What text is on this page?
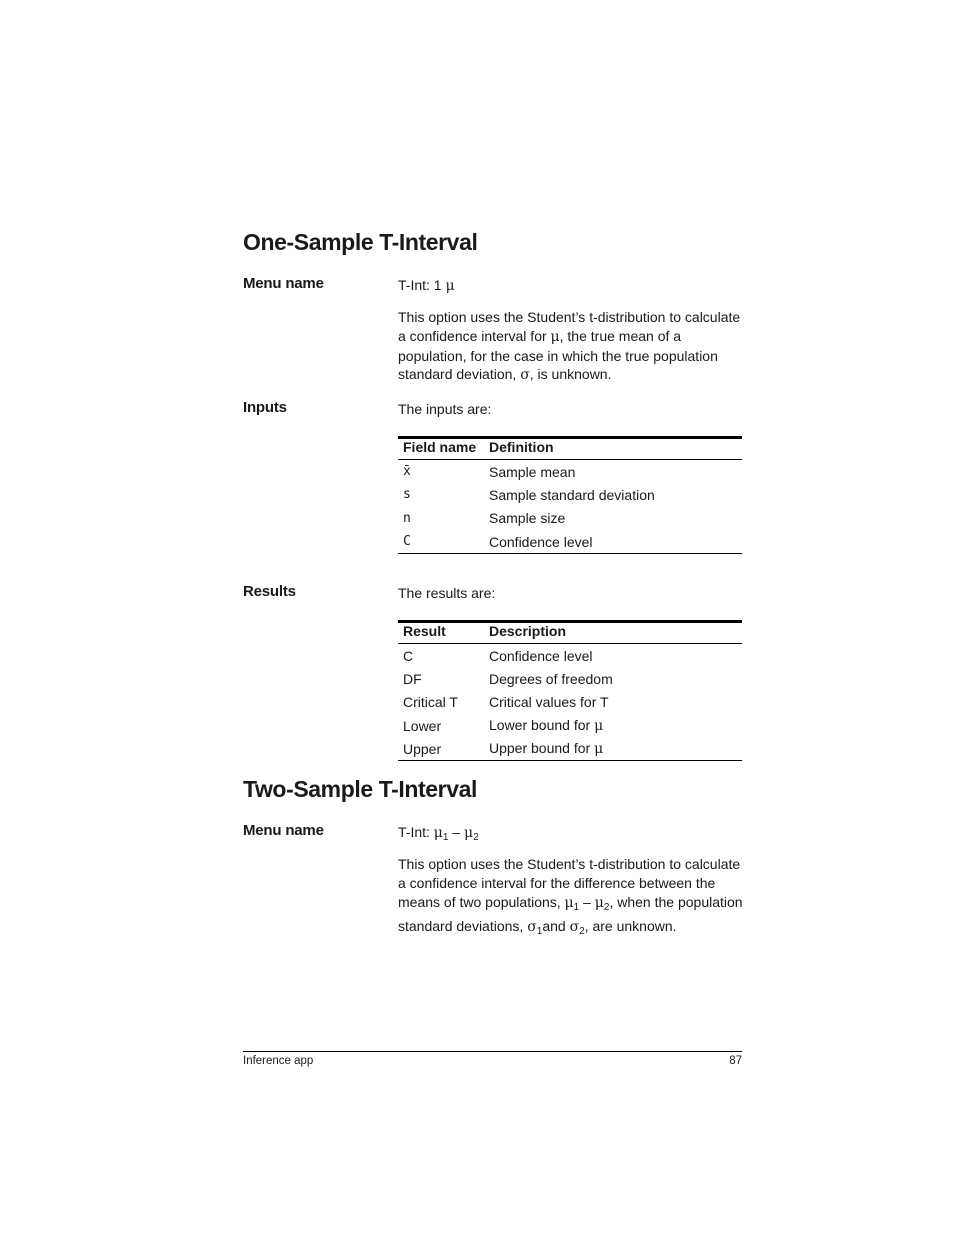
One-Sample T-Interval
Menu name	T-Int: 1 μ
This option uses the Student’s t-distribution to calculate a confidence interval for μ, the true mean of a population, for the case in which the true population standard deviation, σ, is unknown.
Inputs	The inputs are:
Field name	Definition
x̄	Sample mean
s	Sample standard deviation
n	Sample size
C	Confidence level
Results	The results are:
Result	Description
C	Confidence level
DF	Degrees of freedom
Critical T	Critical values for T
Lower	Lower bound for μ
Upper	Upper bound for μ
Two-Sample T-Interval
Menu name	T-Int: $\mu_1 - \mu_2$
This option uses the Student’s t-distribution to calculate a confidence interval for the difference between the means of two populations, $\mu_1 - \mu_2$, when the population standard deviations, $\sigma_1and$ $\sigma_2$, are unknown.
Inference app	87
